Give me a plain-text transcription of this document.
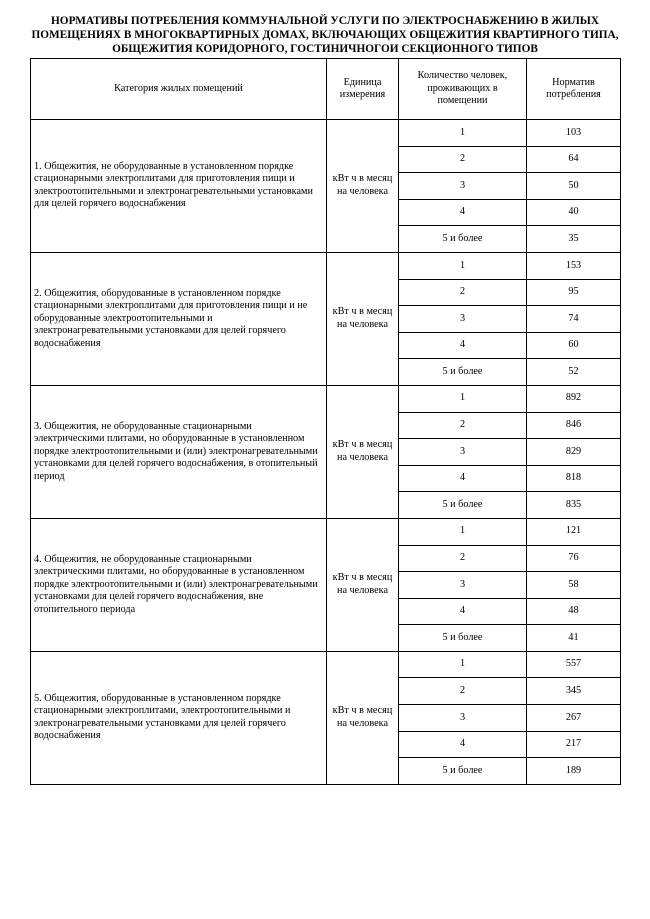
НОРМАТИВЫ ПОТРЕБЛЕНИЯ КОММУНАЛЬНОЙ УСЛУГИ ПО ЭЛЕКТРОСНАБЖЕНИЮ В ЖИЛЫХ ПОМЕЩЕНИЯХ В МНОГОКВАРТИРНЫХ ДОМАХ, ВКЛЮЧАЮЩИХ ОБЩЕЖИТИЯ КВАРТИРНОГО ТИПА, ОБЩЕЖИТИЯ КОРИДОРНОГО, ГОСТИНИЧНОГОИ СЕКЦИОННОГО ТИПОВ
Категория жилых помещений	Единица измерения	Количество человек, проживающих в помещении	Норматив потребления
1. Общежития, не оборудованные в установленном порядке стационарными электроплитами для приготовления пищи и электроотопительными и электронагревательными установками для целей горячего водоснабжения	кВт ч в месяц на человека	1	103
		2	64
		3	50
		4	40
		5 и более	35
2. Общежития, оборудованные в установленном порядке стационарными электроплитами для приготовления пищи и не оборудованные электроотопительными и электронагревательными установками для целей горячего водоснабжения	кВт ч в месяц на человека	1	153
		2	95
		3	74
		4	60
		5 и более	52
3. Общежития, не оборудованные стационарными электрическими плитами, но оборудованные в установленном порядке электроотопительными и (или) электронагревательными установками для целей горячего водоснабжения, в отопительный период	кВт ч в месяц на человека	1	892
		2	846
		3	829
		4	818
		5 и более	835
4. Общежития, не оборудованные стационарными электрическими плитами, но оборудованные в установленном порядке электроотопительными и (или) электронагревательными установками для целей горячего водоснабжения, вне отопительного периода	кВт ч в месяц на человека	1	121
		2	76
		3	58
		4	48
		5 и более	41
5. Общежития, оборудованные в установленном порядке стационарными электроплитами, электроотопительными и электронагревательными установками для целей горячего водоснабжения	кВт ч в месяц на человека	1	557
		2	345
		3	267
		4	217
		5 и более	189
